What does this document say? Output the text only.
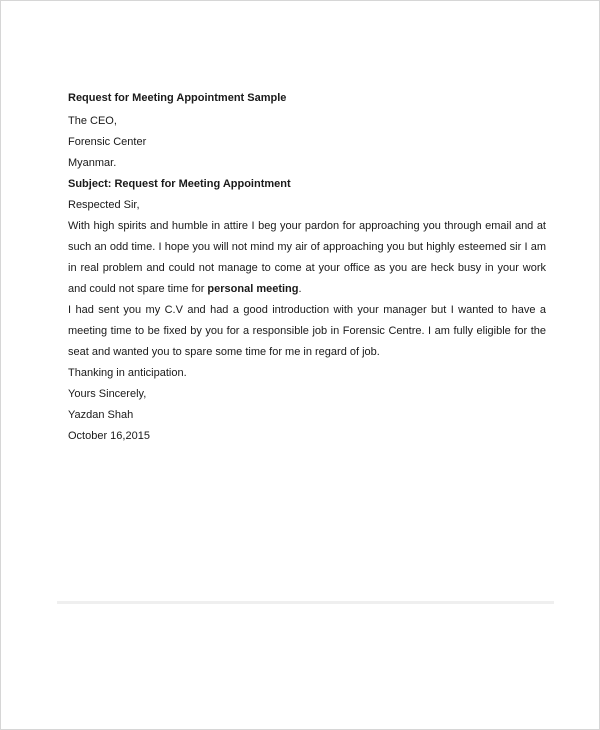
Request for Meeting Appointment Sample
The CEO,
Forensic Center
Myanmar.
Subject: Request for Meeting Appointment
Respected Sir,
With high spirits and humble in attire I beg your pardon for approaching you through email and at such an odd time. I hope you will not mind my air of approaching you but highly esteemed sir I am in real problem and could not manage to come at your office as you are heck busy in your work and could not spare time for personal meeting.
I had sent you my C.V and had a good introduction with your manager but I wanted to have a meeting time to be fixed by you for a responsible job in Forensic Centre. I am fully eligible for the seat and wanted you to spare some time for me in regard of job.
Thanking in anticipation.
Yours Sincerely,
Yazdan Shah
October 16,2015
